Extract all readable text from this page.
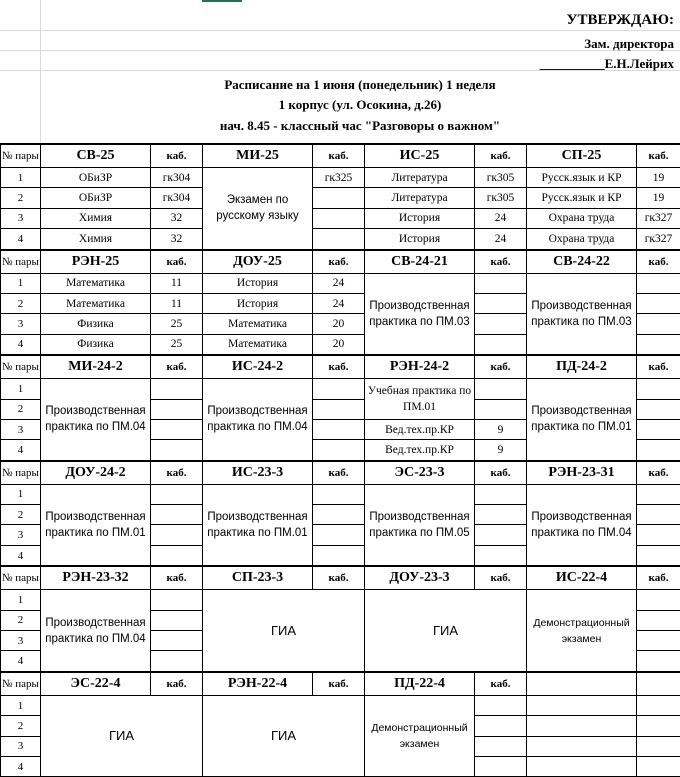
УТВЕРЖДАЮ:
Зам. директора
__________Е.Н.Лейрих
Расписание на 1 июня (понедельник) 1 неделя
1 корпус (ул. Осокина, д.26)
нач. 8.45 - классный час "Разговоры о важном"
№ пары	СВ-25	каб.	МИ-25	каб.	ИС-25	каб.	СП-25	каб.
1	ОБиЗР	гк304	Экзамен по русскому языку	гк325	Литература	гк305	Русск.язык и КР	19
2	ОБиЗР	гк304			Литература	гк305	Русск.язык и КР	19
3	Химия	32			История	24	Охрана труда	гк327
4	Химия	32			История	24	Охрана труда	гк327
№ пары	РЭН-25	каб.	ДОУ-25	каб.	СВ-24-21	каб.	СВ-24-22	каб.
1	Математика	11	История	24	Производственная практика по ПМ.03		Производственная практика по ПМ.03	
2	Математика	11	История	24				
3	Физика	25	Математика	20				
4	Физика	25	Математика	20				
№ пары	МИ-24-2	каб.	ИС-24-2	каб.	РЭН-24-2	каб.	ПД-24-2	каб.
1	Производственная практика по ПМ.04		Производственная практика по ПМ.04		Учебная практика по ПМ.01		Производственная практика по ПМ.01	
2								
3					Вед.тех.пр.КР	9		
4					Вед.тех.пр.КР	9		
№ пары	ДОУ-24-2	каб.	ИС-23-3	каб.	ЭС-23-3	каб.	РЭН-23-31	каб.
1	Производственная практика по ПМ.01		Производственная практика по ПМ.01		Производственная практика по ПМ.05		Производственная практика по ПМ.04	
2								
3								
4								
№ пары	РЭН-23-32	каб.	СП-23-3	каб.	ДОУ-23-3	каб.	ИС-22-4	каб.
1	Производственная практика по ПМ.04		ГИА		ГИА		Демонстрационный экзамен	
2								
3								
4								
№ пары	ЭС-22-4	каб.	РЭН-22-4	каб.	ПД-22-4	каб.		
1	ГИА		ГИА		Демонстрационный экзамен			
2								
3								
4								
